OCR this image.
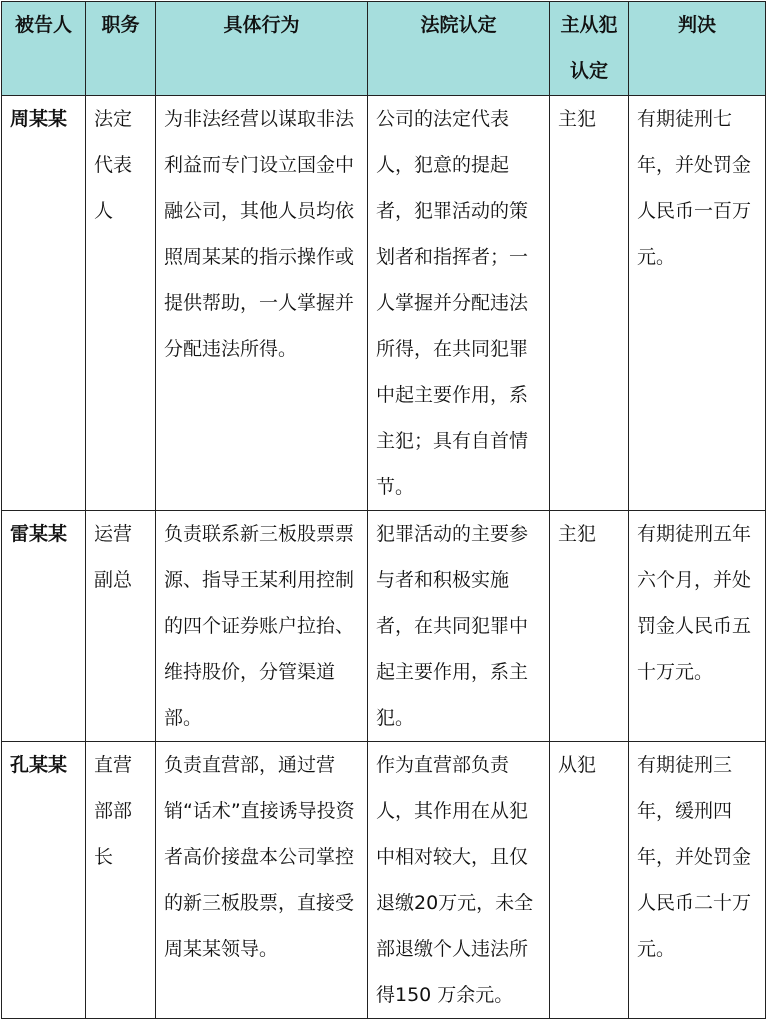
被告人	职务	具体行为	法院认定	主从犯认定	判决
周某某	法定代表人	为非法经营以谋取非法利益而专门设立国金中融公司，其他人员均依照周某某的指示操作或提供帮助，一人掌握并分配违法所得。	公司的法定代表人，犯意的提起者，犯罪活动的策划者和指挥者；一人掌握并分配违法所得，在共同犯罪中起主要作用，系主犯；具有自首情节。	主犯	有期徒刑七年，并处罚金人民币一百万元。
雷某某	运营副总	负责联系新三板股票票源、指导王某利用控制的四个证券账户拉抬、维持股价，分管渠道部。	犯罪活动的主要参与者和积极实施者，在共同犯罪中起主要作用，系主犯。	主犯	有期徒刑五年六个月，并处罚金人民币五十万元。
孔某某	直营部部长	负责直营部，通过营销“话术”直接诱导投资者高价接盘本公司掌控的新三板股票，直接受周某某领导。	作为直营部负责人，其作用在从犯中相对较大，且仅退缴20万元，未全部退缴个人违法所得150 万余元。	从犯	有期徒刑三年，缓刑四年，并处罚金人民币二十万元。
